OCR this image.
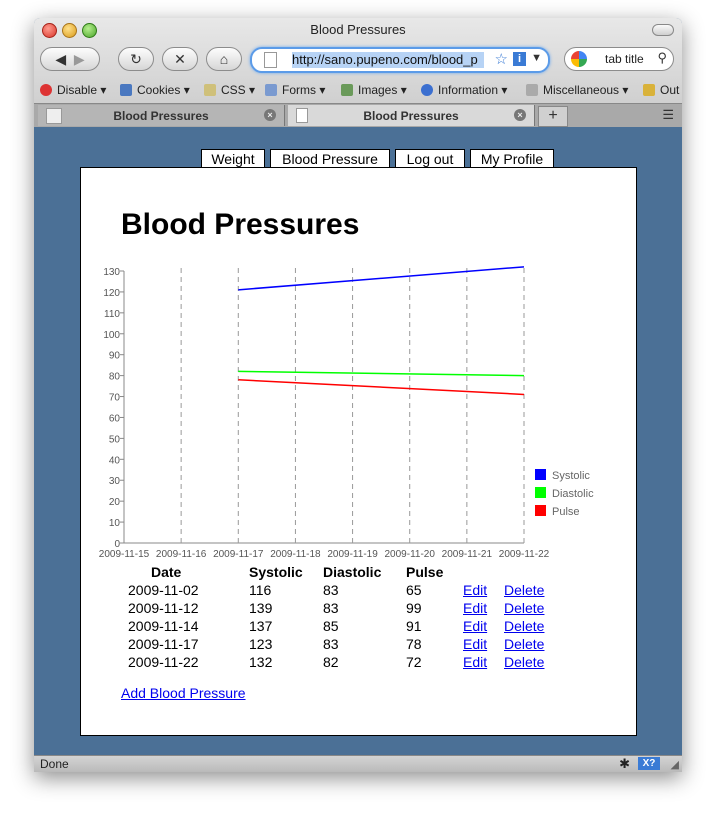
Blood Pressures
◀
▶	↻ ✕ ⌂	http://sano.pupeno.com/blood_p	☆ i ▼	tab title ⚲
Disable ▾	Cookies ▾	CSS ▾	Forms ▾	Images ▾	Information ▾	Miscellaneous ▾	Out
Blood Pressures	×	Blood Pressures	×	+	☰
Weight	Blood Pressure	Log out	My Profile
Blood Pressures
0
10
20
30
40
50
60
70
80
90
100
110
120
130
2009-11-15 2009-11-16 2009-11-17 2009-11-18 2009-11-19 2009-11-20 2009-11-21 2009-11-22
Systolic
Diastolic
Pulse
Date	Systolic	Diastolic	Pulse		
2009-11-02	116	83	65	Edit	Delete
2009-11-12	139	83	99	Edit	Delete
2009-11-14	137	85	91	Edit	Delete
2009-11-17	123	83	78	Edit	Delete
2009-11-22	132	82	72	Edit	Delete
Add Blood Pressure
Done	✱	X?	◢
